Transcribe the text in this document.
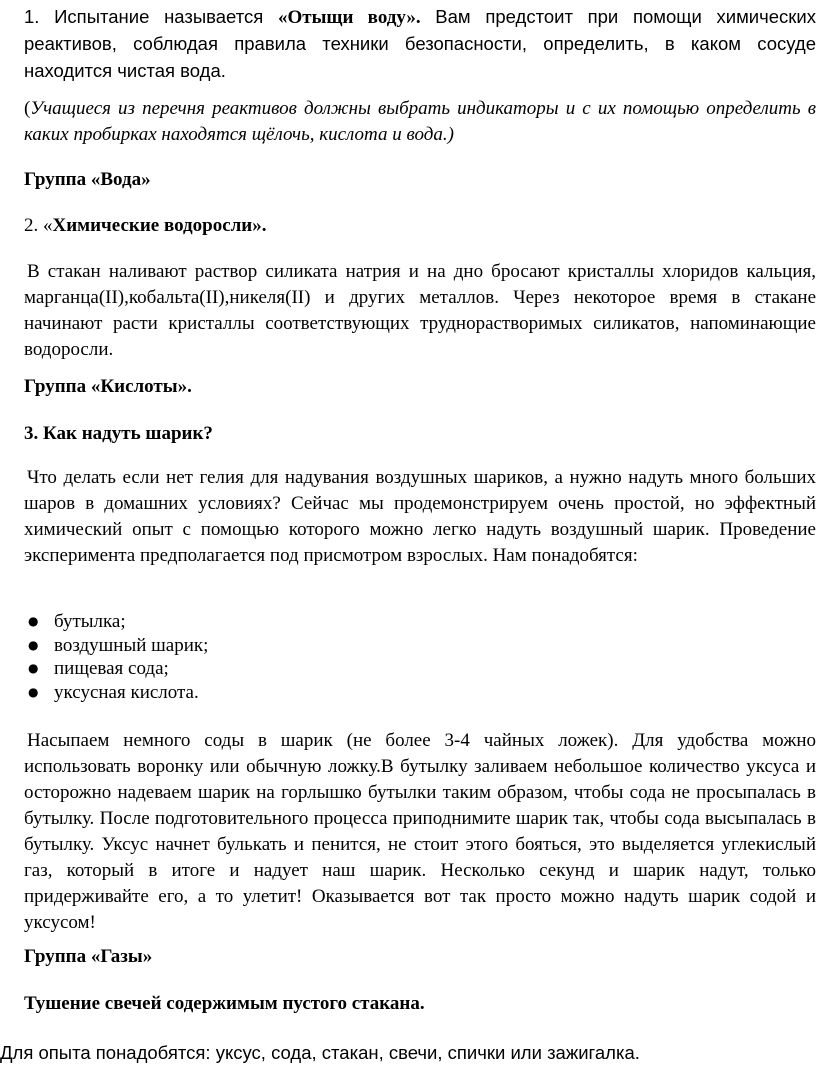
1. Испытание называется «Отыщи воду». Вам предстоит при помощи химических реактивов, соблюдая правила техники безопасности, определить, в каком сосуде находится чистая вода.

(Учащиеся из перечня реактивов должны выбрать индикаторы и с их помощью определить в каких пробирках находятся щёлочь, кислота и вода.)

Группа «Вода»

2. «Химические водоросли».

В стакан наливают раствор силиката натрия и на дно бросают кристаллы хлоридов кальция, марганца(II),кобальта(II),никеля(II) и других металлов. Через некоторое время в стакане начинают расти кристаллы соответствующих труднорастворимых силикатов, напоминающие водоросли.

Группа «Кислоты».

3. Как надуть шарик?

Что делать если нет гелия для надувания воздушных шариков, а нужно надуть много больших шаров в домашних условиях? Сейчас мы продемонстрируем очень простой, но эффектный химический опыт с помощью которого можно легко надуть воздушный шарик. Проведение эксперимента предполагается под присмотром взрослых. Нам понадобятся:

● бутылка;
● воздушный шарик;
● пищевая сода;
● уксусная кислота.

Насыпаем немного соды в шарик (не более 3-4 чайных ложек). Для удобства можно использовать воронку или обычную ложку.В бутылку заливаем небольшое количество уксуса и осторожно надеваем шарик на горлышко бутылки таким образом, чтобы сода не просыпалась в бутылку. После подготовительного процесса приподнимите шарик так, чтобы сода высыпалась в бутылку. Уксус начнет булькать и пенится, не стоит этого бояться, это выделяется углекислый газ, который в итоге и надует наш шарик. Несколько секунд и шарик надут, только придерживайте его, а то улетит! Оказывается вот так просто можно надуть шарик содой и уксусом!

Группа «Газы»

Тушение свечей содержимым пустого стакана.

Для опыта понадобятся: уксус, сода, стакан, свечи, спички или зажигалка.
